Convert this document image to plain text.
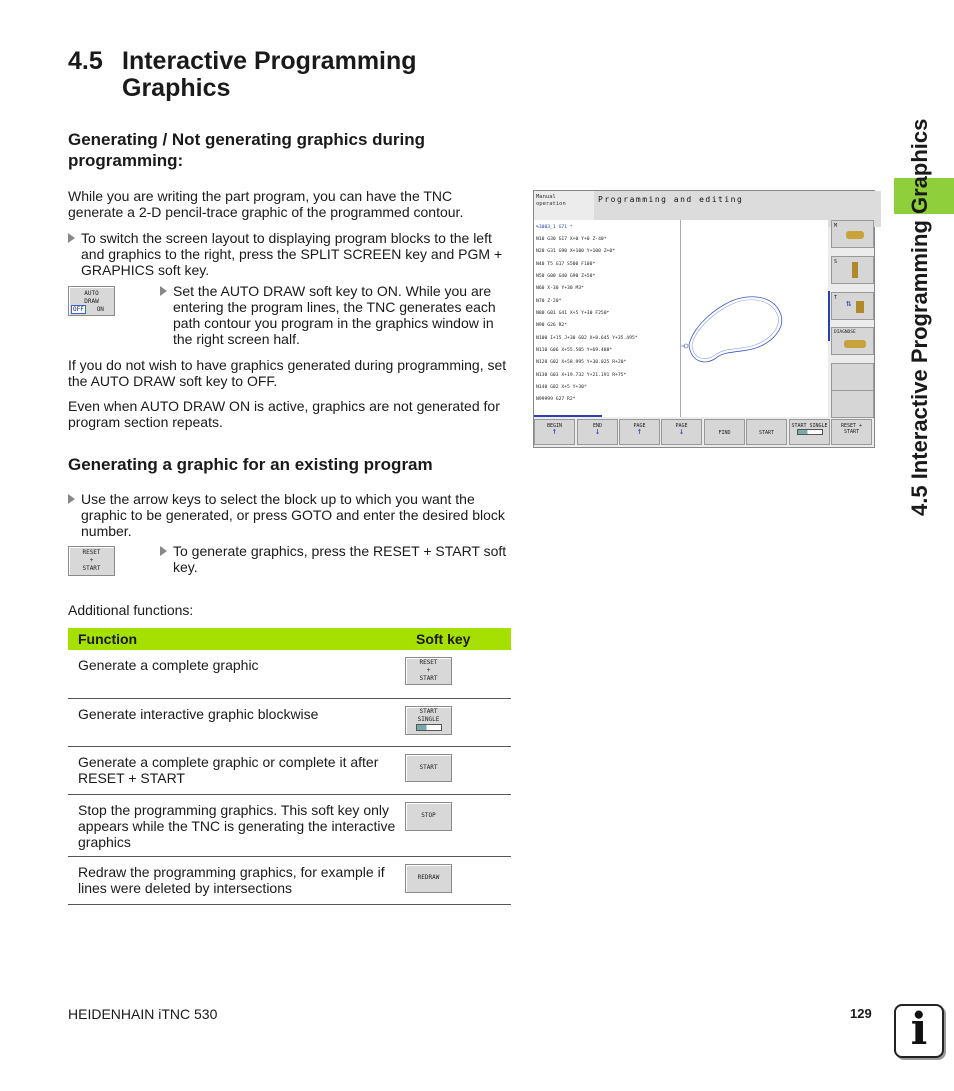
4.5 Interactive Programming
Graphics
4.5 Interactive Programming Graphics
Generating / Not generating graphics during programming:

While you are writing the part program, you can have the TNC generate a 2-D pencil-trace graphic of the programmed contour.

To switch the screen layout to displaying program blocks to the left and graphics to the right, press the SPLIT SCREEN key and PGM + GRAPHICS soft key.
AUTO
DRAW
OFF ON
Set the AUTO DRAW soft key to ON. While you are entering the program lines, the TNC generates each path contour you program in the graphics window in the right screen half.

If you do not wish to have graphics generated during programming, set the AUTO DRAW soft key to OFF.

Even when AUTO DRAW ON is active, graphics are not generated for program section repeats.

Generating a graphic for an existing program
Use the arrow keys to select the block up to which you want the graphic to be generated, or press GOTO and enter the desired block number.
RESET
+
START
To generate graphics, press the RESET + START soft key.

Additional functions:

Function	Soft key
Generate a complete graphic	RESET
+
START

Generate interactive graphic blockwise	START
SINGLE

Generate a complete graphic or complete it after RESET + START	START

Stop the programming graphics. This soft key only appears while the TNC is generating the interactive graphics	STOP

Redraw the programming graphics, for example if lines were deleted by intersections	REDRAW
Manual
operation	Programming and editing
%3003_1 G71 *
N10 G30 G17 X+0 Y+0 Z-40*
N20 G31 G90 X+100 Y+100 Z+0*
N40 T5 G17 S500 F100*
N50 G00 G40 G90 Z+50*
N60 X-30 Y+30 M3*
N70 Z-20*
N80 G01 G41 X+5 Y+30 F250*
N90 G26 R2*
N100 I+15 J+30 G02 X+8.645 Y+35.495*
N110 G06 X+55.505 Y+69.488*
N120 G02 X+58.995 Y+30.025 R+20*
N130 G03 X+19.732 Y+21.191 R+75*
N140 G02 X+5 Y+30*
N99999 G27 R2*
M
S
T
⇅
DIAGNOSE
BEGIN
↑
END
↓
PAGE
↑
PAGE
↓	FIND	START
START SINGLE	RESET + START
HEIDENHAIN iTNC 530	129 i
